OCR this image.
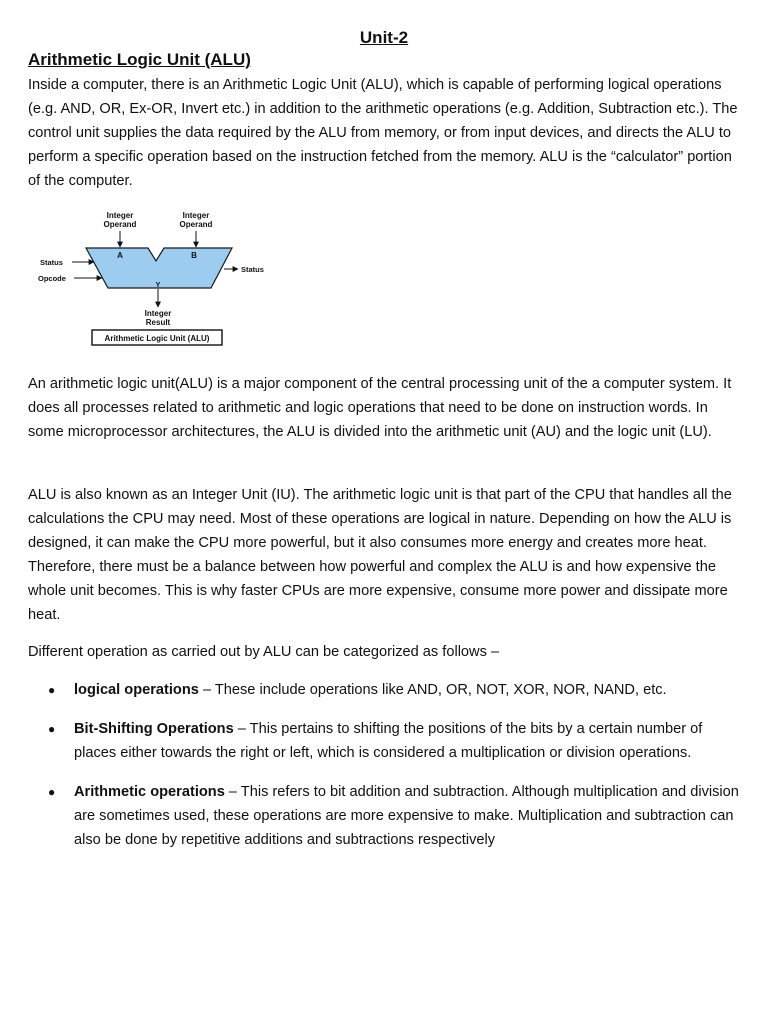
Unit-2
Arithmetic Logic Unit (ALU)

Inside a computer, there is an Arithmetic Logic Unit (ALU), which is capable of performing logical operations (e.g. AND, OR, Ex-OR, Invert etc.) in addition to the arithmetic operations (e.g. Addition, Subtraction etc.). The control unit supplies the data required by the ALU from memory, or from input devices, and directs the ALU to perform a specific operation based on the instruction fetched from the memory. ALU is the “calculator” portion of the computer.

Integer
Operand
Integer
Operand
A	B
Y
Status
Opcode
Status
Integer
Result
Arithmetic Logic Unit (ALU)

An arithmetic logic unit(ALU) is a major component of the central processing unit of the a computer system. It does all processes related to arithmetic and logic operations that need to be done on instruction words. In some microprocessor architectures, the ALU is divided into the arithmetic unit (AU) and the logic unit (LU).

ALU is also known as an Integer Unit (IU). The arithmetic logic unit is that part of the CPU that handles all the calculations the CPU may need. Most of these operations are logical in nature. Depending on how the ALU is designed, it can make the CPU more powerful, but it also consumes more energy and creates more heat. Therefore, there must be a balance between how powerful and complex the ALU is and how expensive the whole unit becomes. This is why faster CPUs are more expensive, consume more power and dissipate more heat.

Different operation as carried out by ALU can be categorized as follows –

● logical operations – These include operations like AND, OR, NOT, XOR, NOR, NAND, etc.
● Bit-Shifting Operations – This pertains to shifting the positions of the bits by a certain number of places either towards the right or left, which is considered a multiplication or division operations.
● Arithmetic operations – This refers to bit addition and subtraction. Although multiplication and division are sometimes used, these operations are more expensive to make. Multiplication and subtraction can also be done by repetitive additions and subtractions respectively
